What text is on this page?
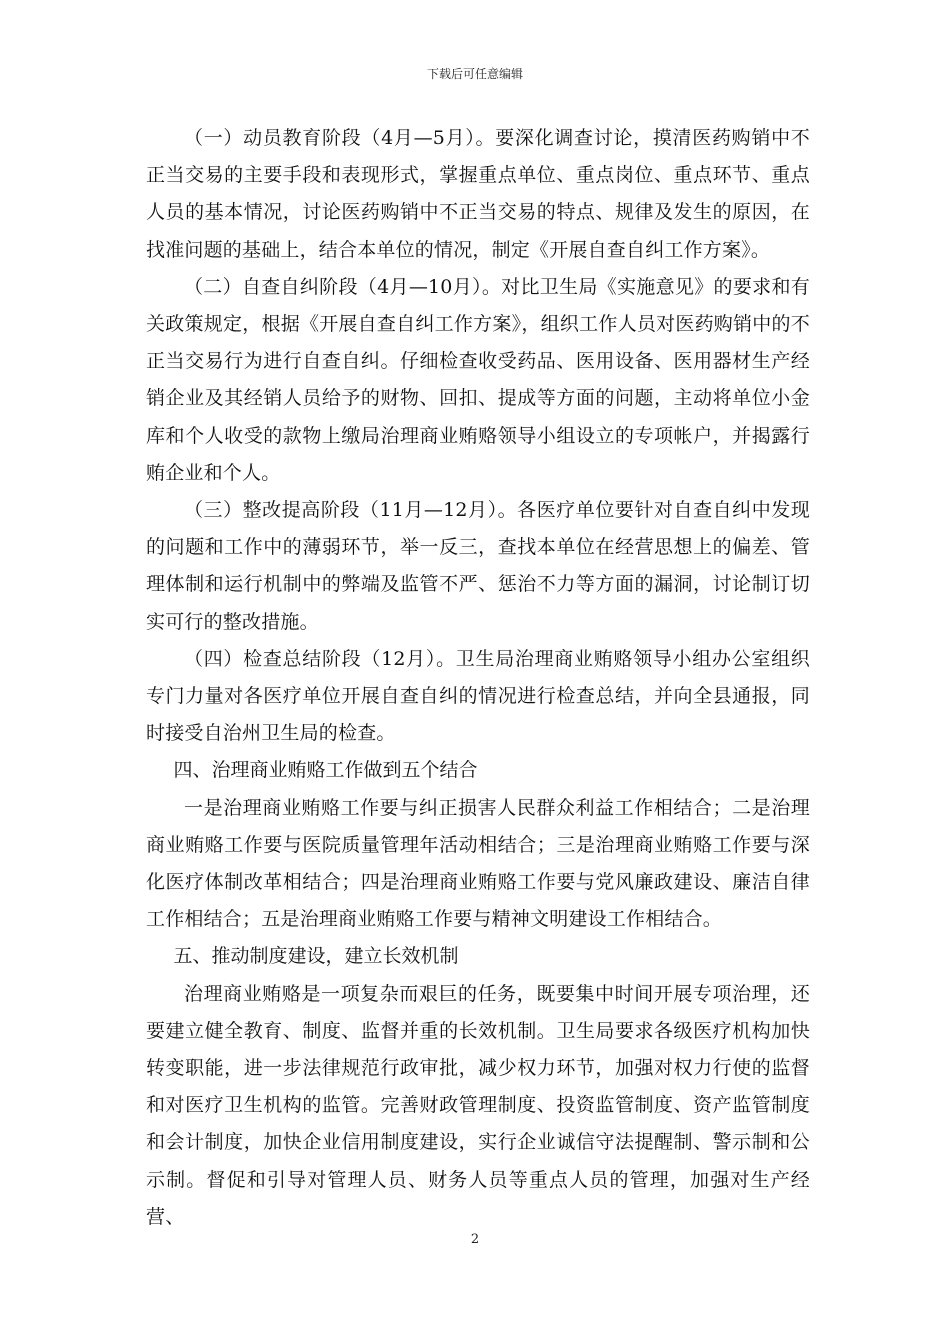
下载后可任意编辑

（一）动员教育阶段（4月—5月）。要深化调查讨论，摸清医药购销中不正当交易的主要手段和表现形式，掌握重点单位、重点岗位、重点环节、重点人员的基本情况，讨论医药购销中不正当交易的特点、规律及发生的原因，在找准问题的基础上，结合本单位的情况，制定《开展自查自纠工作方案》。

（二）自查自纠阶段（4月—10月）。对比卫生局《实施意见》的要求和有关政策规定，根据《开展自查自纠工作方案》，组织工作人员对医药购销中的不正当交易行为进行自查自纠。仔细检查收受药品、医用设备、医用器材生产经销企业及其经销人员给予的财物、回扣、提成等方面的问题，主动将单位小金库和个人收受的款物上缴局治理商业贿赂领导小组设立的专项帐户，并揭露行贿企业和个人。

（三）整改提高阶段（11月—12月）。各医疗单位要针对自查自纠中发现的问题和工作中的薄弱环节，举一反三，查找本单位在经营思想上的偏差、管理体制和运行机制中的弊端及监管不严、惩治不力等方面的漏洞，讨论制订切实可行的整改措施。

（四）检查总结阶段（12月）。卫生局治理商业贿赂领导小组办公室组织专门力量对各医疗单位开展自查自纠的情况进行检查总结，并向全县通报，同时接受自治州卫生局的检查。

四、治理商业贿赂工作做到五个结合

一是治理商业贿赂工作要与纠正损害人民群众利益工作相结合；二是治理商业贿赂工作要与医院质量管理年活动相结合；三是治理商业贿赂工作要与深化医疗体制改革相结合；四是治理商业贿赂工作要与党风廉政建设、廉洁自律工作相结合；五是治理商业贿赂工作要与精神文明建设工作相结合。

五、推动制度建设，建立长效机制

治理商业贿赂是一项复杂而艰巨的任务，既要集中时间开展专项治理，还要建立健全教育、制度、监督并重的长效机制。卫生局要求各级医疗机构加快转变职能，进一步法律规范行政审批，减少权力环节，加强对权力行使的监督和对医疗卫生机构的监管。完善财政管理制度、投资监管制度、资产监管制度和会计制度，加快企业信用制度建设，实行企业诚信守法提醒制、警示制和公示制。督促和引导对管理人员、财务人员等重点人员的管理，加强对生产经营、

2
